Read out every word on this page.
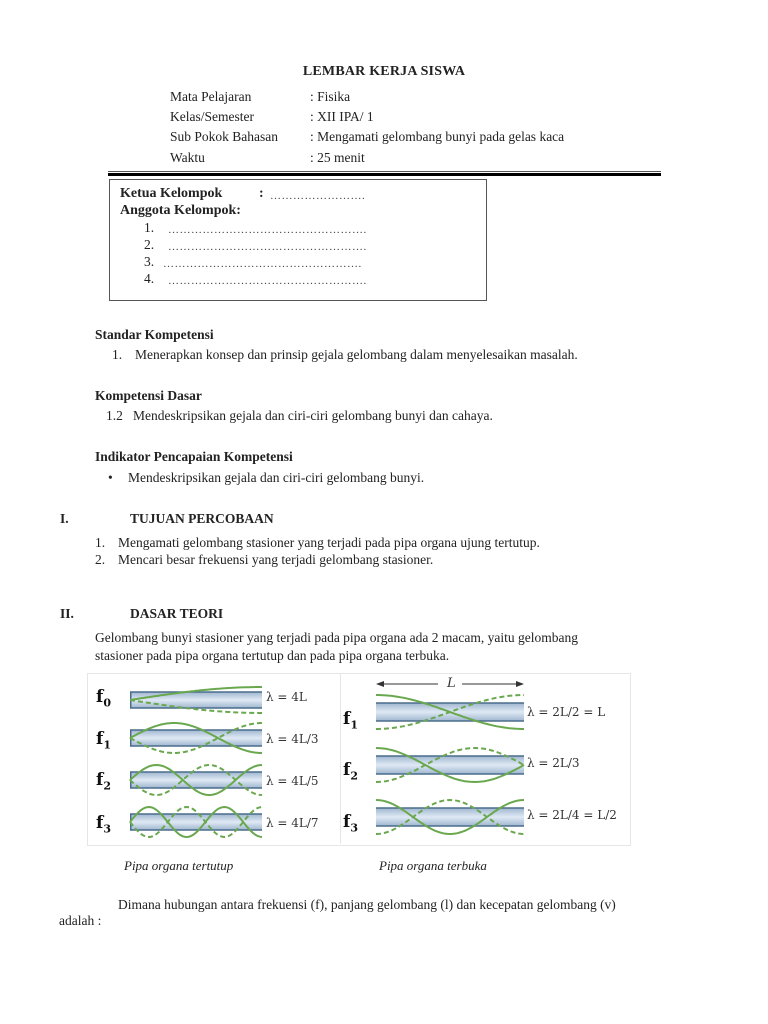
LEMBAR KERJA SISWA
Mata Pelajaran	: Fisika
Kelas/Semester	: XII IPA/ 1
Sub Pokok Bahasan : Mengamati gelombang bunyi pada gelas kaca
Waktu	: 25 menit
Ketua Kelompok	: …………………….
Anggota Kelompok:
1. …………………………………………….
2. …………………………………………….
3. …………………………………………….
4. …………………………………………….
Standar Kompetensi
1. Menerapkan konsep dan prinsip gejala gelombang dalam menyelesaikan masalah.
Kompetensi Dasar
1.2 Mendeskripsikan gejala dan ciri-ciri gelombang bunyi dan cahaya.
Indikator Pencapaian Kompetensi
• Mendeskripsikan gejala dan ciri-ciri gelombang bunyi.
I.	TUJUAN PERCOBAAN
1. Mengamati gelombang stasioner yang terjadi pada pipa organa ujung tertutup.
2. Mencari besar frekuensi yang terjadi gelombang stasioner.
II.	DASAR TEORI
Gelombang bunyi stasioner yang terjadi pada pipa organa ada 2 macam, yaitu gelombang
stasioner pada pipa organa tertutup dan pada pipa organa terbuka.
$f_0$
$f_1$
$f_2$
$f_3$
λ = 4L
λ = 4L/3
λ = 4L/5
λ = 4L/7
L
$f_1$
$f_2$
$f_3$
λ = 2L/2 = L
λ = 2L/3
λ = 2L/4 = L/2
Pipa organa tertutup	Pipa organa terbuka
Dimana hubungan antara frekuensi (f), panjang gelombang (l) dan kecepatan gelombang (v)
adalah :
